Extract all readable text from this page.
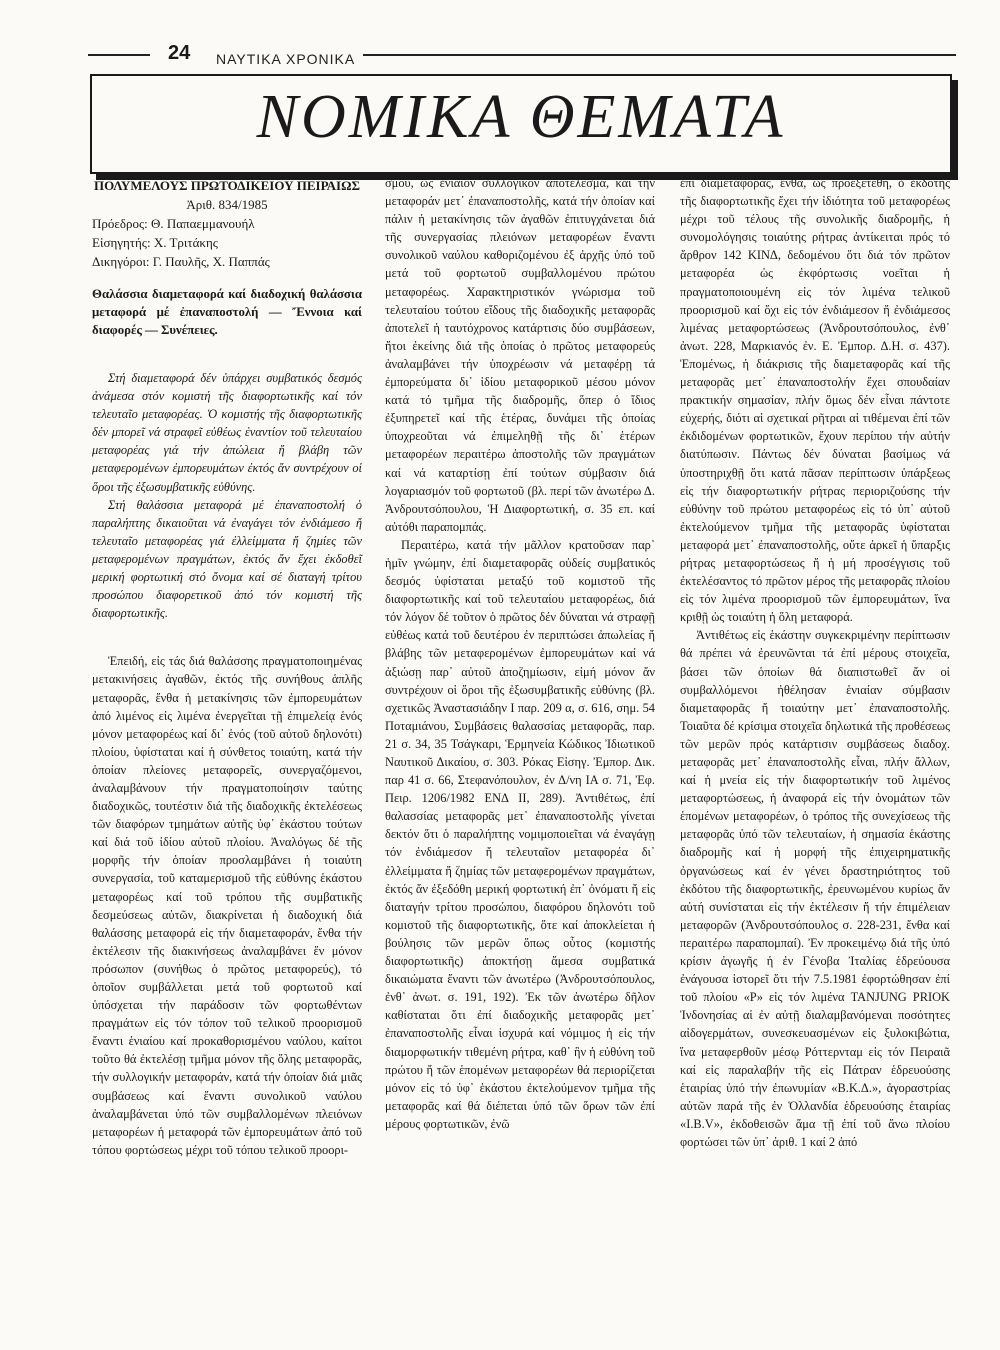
24 ΝΑΥΤΙΚΑ ΧΡΟΝΙΚΑ
ΝΟΜΙΚΑ ΘΕΜΑΤΑ
ΠΟΛΥΜΕΛΟΥΣ ΠΡΩΤΟΔΙΚΕΙΟΥ ΠΕΙΡΑΙΩΣ
Ἀριθ. 834/1985
Πρόεδρος: Θ. Παπαεμμανουήλ
Εἰσηγητής: Χ. Τριτάκης
Δικηγόροι: Γ. Παυλῆς, Χ. Παππάς
Θαλάσσια διαμεταφορά καί διαδοχική θαλάσσια μεταφορά μέ ἐπαναποστολή — Ἔννοια καί διαφορές — Συνέπειες.

Στή διαμεταφορά δέν ὑπάρχει συμβατικός δεσμός ἀνάμεσα στόν κομιστή τῆς διαφορτωτικῆς καί τόν τελευταῖο μεταφορέας. Ὁ κομιστής τῆς διαφορτωτικῆς δέν μπορεῖ νά στραφεῖ εὐθέως ἐναντίον τοῦ τελευταίου μεταφορέας γιά τήν ἀπώλεια ἤ βλάβη τῶν μεταφερομένων ἐμπορευμάτων ἐκτός ἄν συντρέχουν οἱ ὅροι τῆς ἐξωσυμβατικῆς εὐθύνης.

Στή θαλάσσια μεταφορά μέ ἐπαναποστολή ὁ παραλήπτης δικαιοῦται νά ἐναγάγει τόν ἐνδιάμεσο ἤ τελευταῖο μεταφορέας γιά ἐλλείμματα ἤ ζημίες τῶν μεταφερομένων πραγμάτων, ἐκτός ἄν ἔχει ἐκδοθεῖ μερική φορτωτική στό ὄνομα καί σέ διαταγή τρίτου προσώπου διαφορετικοῦ ἀπό τόν κομιστή τῆς διαφορτωτικῆς.

Ἐπειδή, εἰς τάς διά θαλάσσης πραγματοποιημένας μετακινήσεις ἀγαθῶν, ἐκτός τῆς συνήθους ἁπλῆς μεταφορᾶς, ἔνθα ἡ μετακίνησις τῶν ἐμπορευμάτων ἀπό λιμένος εἰς λιμένα ἐνεργεῖται τῇ ἐπιμελείᾳ ἑνός μόνον μεταφορέως καί δι᾽ ἑνός (τοῦ αὐτοῦ δηλονότι) πλοίου, ὑφίσταται καί ἡ σύνθετος τοιαύτη, κατά τήν ὁποίαν πλείονες μεταφορεῖς, συνεργαζόμενοι, ἀναλαμβάνουν τήν πραγματοποίησιν ταύτης διαδοχικῶς, τουτέστιν διά τῆς διαδοχικῆς ἐκτελέσεως τῶν διαφόρων τμημάτων αὐτῆς ὑφ᾽ ἑκάστου τούτων καί διά τοῦ ἰδίου αὐτοῦ πλοίου. Ἀναλόγως δέ τῆς μορφῆς τήν ὁποίαν προσλαμβάνει ἡ τοιαύτη συνεργασία, τοῦ καταμερισμοῦ τῆς εὐθύνης ἑκάστου μεταφορέως καί τοῦ τρόπου τῆς συμβατικῆς δεσμεύσεως αὐτῶν, διακρίνεται ἡ διαδοχική διά θαλάσσης μεταφορά εἰς τήν διαμεταφοράν, ἔνθα τήν ἐκτέλεσιν τῆς διακινήσεως ἀναλαμβάνει ἕν μόνον πρόσωπον (συνήθως ὁ πρῶτος μεταφορεύς), τό ὁποῖον συμβάλλεται μετά τοῦ φορτωτοῦ καί ὑπόσχεται τήν παράδοσιν τῶν φορτωθέντων πραγμάτων εἰς τόν τόπον τοῦ τελικοῦ προορισμοῦ ἔναντι ἑνιαίου καί προκαθορισμένου ναύλου, καίτοι τοῦτο θά ἐκτελέσῃ τμῆμα μόνον τῆς ὅλης μεταφορᾶς, τήν συλλογικήν μεταφοράν, κατά τήν ὁποίαν διά μιᾶς συμβάσεως καί ἔναντι συνολικοῦ ναύλου ἀναλαμβάνεται ὑπό τῶν συμβαλλομένων πλειόνων μεταφορέων ἡ μεταφορά τῶν ἐμπορευμάτων ἀπό τοῦ τόπου φορτώσεως μέχρι τοῦ τόπου τελικοῦ προορι-

σμοῦ, ὡς ἑνιαῖον συλλογικόν ἀποτέλεσμα, καί τήν μεταφοράν μετ᾽ ἐπαναποστολῆς, κατά τήν ὁποίαν καί πάλιν ἡ μετακίνησις τῶν ἀγαθῶν ἐπιτυγχάνεται διά τῆς συνεργασίας πλειόνων μεταφορέων ἔναντι συνολικοῦ ναύλου καθοριζομένου ἐξ ἀρχῆς ὑπό τοῦ μετά τοῦ φορτωτοῦ συμβαλλομένου πρώτου μεταφορέως. Χαρακτηριστικόν γνώρισμα τοῦ τελευταίου τούτου εἴδους τῆς διαδοχικῆς μεταφορᾶς ἀποτελεῖ ἡ ταυτόχρονος κατάρτισις δύο συμβάσεων, ἤτοι ἐκείνης διά τῆς ὁποίας ὁ πρῶτος μεταφορεύς ἀναλαμβάνει τήν ὑποχρέωσιν νά μεταφέρῃ τά ἐμπορεύματα δι᾽ ἰδίου μεταφορικοῦ μέσου μόνον κατά τό τμῆμα τῆς διαδρομῆς, ὅπερ ὁ ἴδιος ἐξυπηρετεῖ καί τῆς ἑτέρας, δυνάμει τῆς ὁποίας ὑποχρεοῦται νά ἐπιμεληθῇ τῆς δι᾽ ἑτέρων μεταφορέων περαιτέρω ἀποστολῆς τῶν πραγμάτων καί νά καταρτίσῃ ἐπί τούτων σύμβασιν διά λογαριασμόν τοῦ φορτωτοῦ (βλ. περί τῶν ἀνωτέρω Δ. Ἀνδρουτσόπουλου, Ἡ Διαφορτωτική, σ. 35 επ. καί αὐτόθι παραπομπάς.

Περαιτέρω, κατά τήν μᾶλλον κρατοῦσαν παρ᾽ ἡμῖν γνώμην, ἐπί διαμεταφορᾶς οὐδείς συμβατικός δεσμός ὑφίσταται μεταξύ τοῦ κομιστοῦ τῆς διαφορτωτικῆς καί τοῦ τελευταίου μεταφορέως, διά τόν λόγον δέ τοῦτον ὁ πρῶτος δέν δύναται νά στραφῇ εὐθέως κατά τοῦ δευτέρου ἐν περιπτώσει ἀπωλείας ἤ βλάβης τῶν μεταφερομένων ἐμπορευμάτων καί νά ἀξιώσῃ παρ᾽ αὐτοῦ ἀποζημίωσιν, εἰμή μόνον ἄν συντρέχουν οἱ ὅροι τῆς ἐξωσυμβατικῆς εὐθύνης (βλ. σχετικῶς Ἀναστασιάδην Ι παρ. 209 α, σ. 616, σημ. 54 Ποταμιάνου, Συμβάσεις θαλασσίας μεταφορᾶς, παρ. 21 σ. 34, 35 Τσάγκαρι, Ἑρμηνεία Κώδικος Ἰδιωτικοῦ Ναυτικοῦ Δικαίου, σ. 303. Ρόκας Εἰσηγ. Ἐμπορ. Δικ. παρ 41 σ. 66, Στεφανόπουλον, ἐν Δ/νη ΙΑ σ. 71, Ἐφ. Πειρ. 1206/1982 ΕΝΔ ΙΙ, 289). Ἀντιθέτως, ἐπί θαλασσίας μεταφορᾶς μετ᾽ ἐπαναποστολῆς γίνεται δεκτόν ὅτι ὁ παραλήπτης νομιμοποιεῖται νά ἐναγάγῃ τόν ἐνδιάμεσον ἤ τελευταῖον μεταφορέα δι᾽ ἐλλείμματα ἤ ζημίας τῶν μεταφερομένων πραγμάτων, ἐκτός ἄν ἐξεδόθη μερική φορτωτική ἐπ᾽ ὀνόματι ἤ εἰς διαταγήν τρίτου προσώπου, διαφόρου δηλονότι τοῦ κομιστοῦ τῆς διαφορτωτικῆς, ὅτε καί ἀποκλείεται ἡ βούλησις τῶν μερῶν ὅπως οὗτος (κομιστής διαφορτωτικῆς) ἀποκτήσῃ ἄμεσα συμβατικά δικαιώματα ἔναντι τῶν ἀνωτέρω (Ἀνδρουτσόπουλος, ἐνθ᾽ ἀνωτ. σ. 191, 192). Ἐκ τῶν ἀνωτέρω δῆλον καθίσταται ὅτι ἐπί διαδοχικῆς μεταφορᾶς μετ᾽ ἐπαναποστολῆς εἶναι ἰσχυρά καί νόμιμος ἡ εἰς τήν διαμορφωτικήν τιθεμένη ρήτρα, καθ᾽ ἣν ἡ εὐθύνη τοῦ πρώτου ἤ τῶν ἑπομένων μεταφορέων θά περιορίζεται μόνον εἰς τό ὑφ᾽ ἑκάστου ἐκτελούμενον τμῆμα τῆς μεταφορᾶς καί θά διέπεται ὑπό τῶν ὅρων τῶν ἐπί μέρους φορτωτικῶν, ἐνῶ

ἐπί διαμεταφορᾶς, ἔνθα, ὡς προεξετέθη, ὁ ἐκδότης τῆς διαφορτωτικῆς ἔχει τήν ἰδιότητα τοῦ μεταφορέως μέχρι τοῦ τέλους τῆς συνολικῆς διαδρομῆς, ἡ συνομολόγησις τοιαύτης ρήτρας ἀντίκειται πρός τό ἄρθρον 142 ΚΙΝΔ, δεδομένου ὅτι διά τόν πρῶτον μεταφορέα ὡς ἐκφόρτωσις νοεῖται ἡ πραγματοποιουμένη εἰς τόν λιμένα τελικοῦ προορισμοῦ καί ὄχι εἰς τόν ἐνδιάμεσον ἤ ἐνδιάμεσος λιμένας μεταφορτώσεως (Ἀνδρουτσόπουλος, ἐνθ᾽ ἀνωτ. 228, Μαρκιανός ἐν. Ε. Ἐμπορ. Δ.Η. σ. 437). Ἐπομένως, ἡ διάκρισις τῆς διαμεταφορᾶς καί τῆς μεταφορᾶς μετ᾽ ἐπαναποστολήν ἔχει σπουδαίαν πρακτικήν σημασίαν, πλήν ὅμως δέν εἶναι πάντοτε εὐχερής, διότι αἱ σχετικαί ρῆτραι αἱ τιθέμεναι ἐπί τῶν ἐκδιδομένων φορτωτικῶν, ἔχουν περίπου τήν αὐτήν διατύπωσιν. Πάντως δέν δύναται βασίμως νά ὑποστηριχθῇ ὅτι κατά πᾶσαν περίπτωσιν ὑπάρξεως εἰς τήν διαφορτωτικήν ρήτρας περιοριζούσης τήν εὐθύνην τοῦ πρώτου μεταφορέως εἰς τό ὑπ᾽ αὐτοῦ ἐκτελούμενον τμῆμα τῆς μεταφορᾶς ὑφίσταται μεταφορά μετ᾽ ἐπαναποστολῆς, οὔτε ἀρκεῖ ἡ ὕπαρξις ρήτρας μεταφορτώσεως ἤ ἡ μή προσέγγισις τοῦ ἐκτελέσαντος τό πρῶτον μέρος τῆς μεταφορᾶς πλοίου εἰς τόν λιμένα προορισμοῦ τῶν ἐμπορευμάτων, ἵνα κριθῇ ὡς τοιαύτη ἡ ὅλη μεταφορά.

Ἀντιθέτως εἰς ἑκάστην συγκεκριμένην περίπτωσιν θά πρέπει νά ἐρευνῶνται τά ἐπί μέρους στοιχεῖα, βάσει τῶν ὁποίων θά διαπιστωθεῖ ἄν οἱ συμβαλλόμενοι ἠθέλησαν ἑνιαίαν σύμβασιν διαμεταφορᾶς ἤ τοιαύτην μετ᾽ ἐπαναποστολῆς. Τοιαῦτα δέ κρίσιμα στοιχεῖα δηλωτικά τῆς προθέσεως τῶν μερῶν πρός κατάρτισιν συμβάσεως διαδοχ. μεταφορᾶς μετ᾽ ἐπαναποστολῆς εἶναι, πλήν ἄλλων, καί ἡ μνεία εἰς τήν διαφορτωτικήν τοῦ λιμένος μεταφορτώσεως, ἡ ἀναφορά εἰς τήν ὀνομάτων τῶν ἑπομένων μεταφορέων, ὁ τρόπος τῆς συνεχίσεως τῆς μεταφορᾶς ὑπό τῶν τελευταίων, ἡ σημασία ἑκάστης διαδρομῆς καί ἡ μορφή τῆς ἐπιχειρηματικῆς ὀργανώσεως καί ἐν γένει δραστηριότητος τοῦ ἐκδότου τῆς διαφορτωτικῆς, ἐρευνωμένου κυρίως ἄν αὐτή συνίσταται εἰς τήν ἐκτέλεσιν ἤ τήν ἐπιμέλειαν μεταφορῶν (Ἀνδρουτσόπουλος σ. 228-231, ἔνθα καί περαιτέρω παραπομπαί). Ἐν προκειμένῳ διά τῆς ὑπό κρίσιν ἀγωγῆς ἡ ἐν Γένοβα Ἰταλίας ἑδρεύουσα ἐνάγουσα ἱστορεῖ ὅτι τήν 7.5.1981 ἐφορτώθησαν ἐπί τοῦ πλοίου «Ρ» εἰς τόν λιμένα TANJUNG PRIOK Ἰνδονησίας αἱ ἐν αὐτῇ διαλαμβανόμεναι ποσότητες αἰδογερμάτων, συνεσκευασμένων εἰς ξυλοκιβώτια, ἵνα μεταφερθοῦν μέσῳ Ρόττερνταμ εἰς τόν Πειραιᾶ καί εἰς παραλαβήν τῆς εἰς Πάτραν ἑδρευούσης ἑταιρίας ὑπό τήν ἐπωνυμίαν «Β.Κ.Δ.», ἀγοραστρίας αὐτῶν παρά τῆς ἐν Ὁλλανδία ἑδρευούσης ἑταιρίας «Ι.Β.V», ἐκδοθεισῶν ἅμα τῇ ἐπί τοῦ ἄνω πλοίου φορτώσει τῶν ὑπ᾽ ἀριθ. 1 καί 2 ἀπό
